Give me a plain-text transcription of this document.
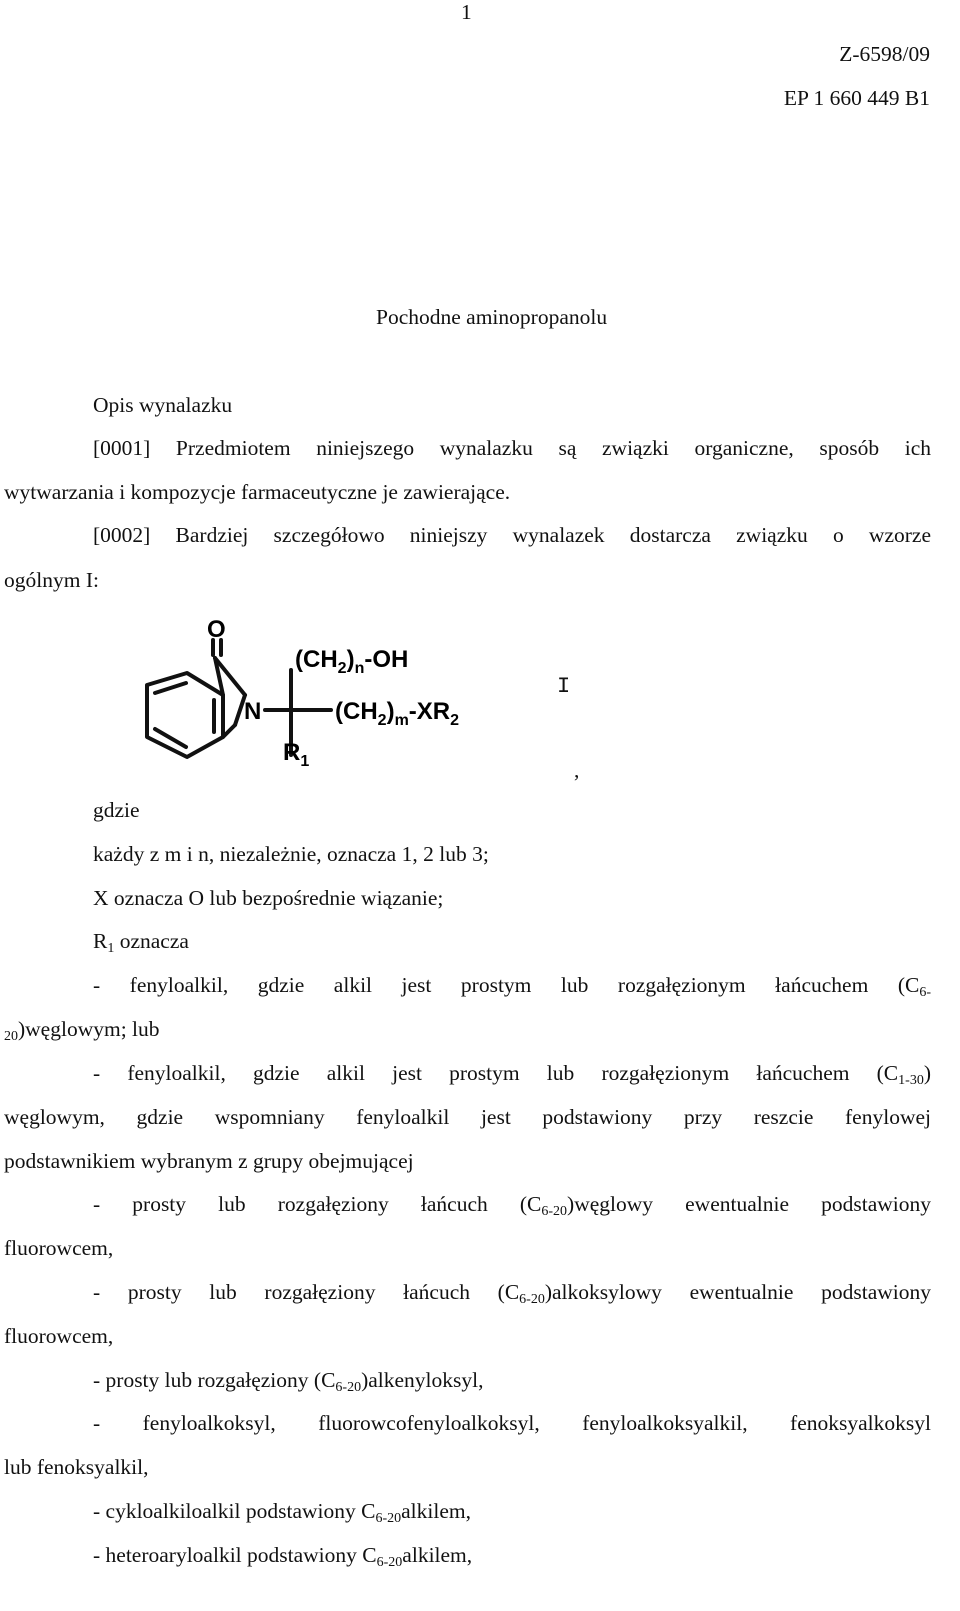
1
Z-6598/09
EP 1 660 449 B1
Pochodne aminopropanolu
Opis wynalazku
[0001] Przedmiotem niniejszego wynalazku są związki organiczne, sposób ich
wytwarzania i kompozycje farmaceutyczne je zawierające.
[0002] Bardziej szczegółowo niniejszy wynalazek dostarcza związku o wzorze
ogólnym I:
O
N
$(CH_2)_n-OH$
$(CH_2)_m-XR_2$
$R_1$
I
,
gdzie
każdy z m i n, niezależnie, oznacza 1, 2 lub 3;
X oznacza O lub bezpośrednie wiązanie;
$R_1$ oznacza
- fenyloalkil, gdzie alkil jest prostym lub rozgałęzionym łańcuchem ($C_{6-}$
$_{20}$)węglowym; lub
- fenyloalkil, gdzie alkil jest prostym lub rozgałęzionym łańcuchem $(C_{1-30})$
węglowym, gdzie wspomniany fenyloalkil jest podstawiony przy reszcie fenylowej
podstawnikiem wybranym z grupy obejmującej
- prosty lub rozgałęziony łańcuch $(C_{6-20})węglowy$ ewentualnie podstawiony
fluorowcem,
- prosty lub rozgałęziony łańcuch $(C_{6-20})alkoksylowy$ ewentualnie podstawiony
fluorowcem,
- prosty lub rozgałęziony $(C_{6-20})alkenyloksyl$,
- fenyloalkoksyl, fluorowcofenyloalkoksyl, fenyloalkoksyalkil, fenoksyalkoksyl
lub fenoksyalkil,
- cykloalkiloalkil podstawiony $C_{6-20}alkilem$,
- heteroaryloalkil podstawiony $C_{6-20}alkilem$,
